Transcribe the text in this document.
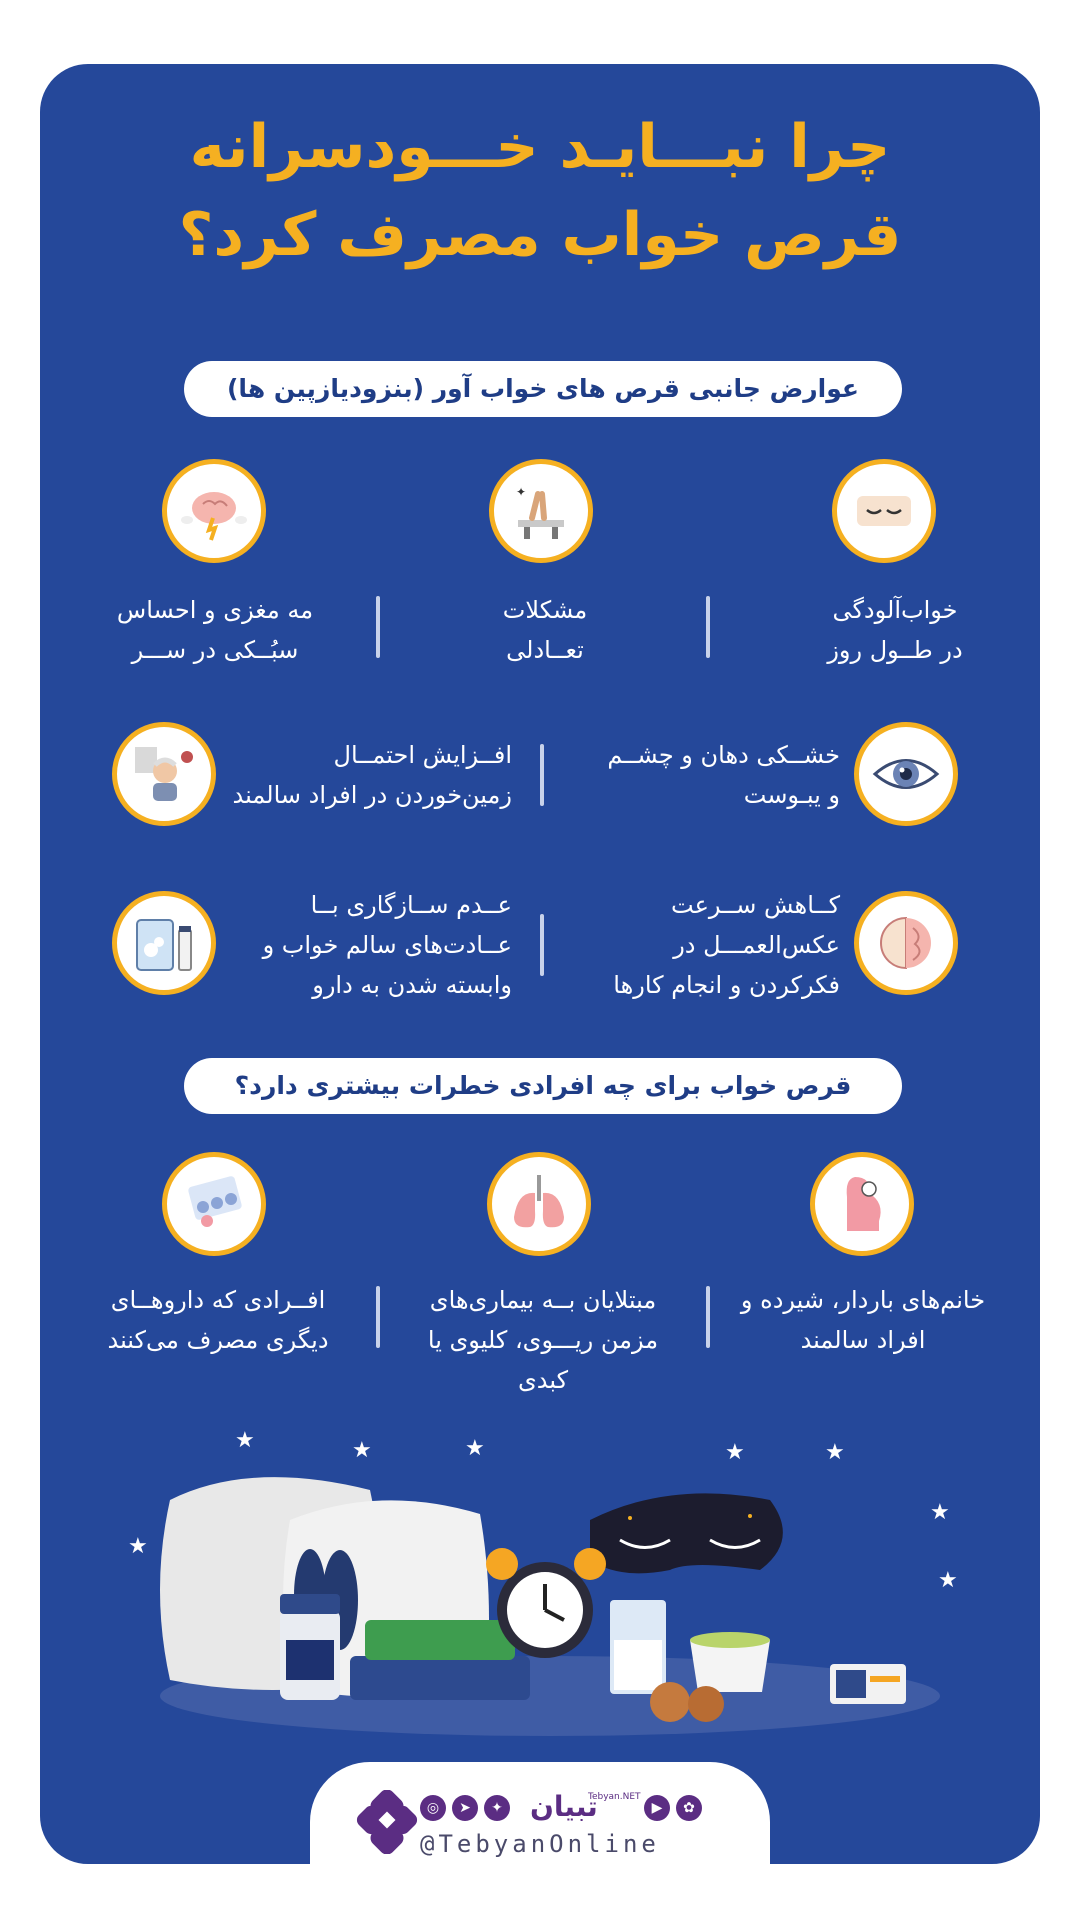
چرا نبـــایـد خـــودسرانه
قرص خواب مصرف کرد؟
عوارض جانبی قرص های خواب آور (بنزودیازپین ها)
✦
خواب‌آلودگی
در طــول روز
مشکلات
تعــادلی
مه مغزی و احساس
سبُــکی در ســـر
خشــکی دهان و چشــم
و یبـوست
افــزایش احتمــال
زمین‌خوردن در افراد سالمند
کــاهش ســرعت
عکس‌العمـــل در
فکرکردن و انجام کارها
عــدم ســازگاری بــا
عــادت‌های سالم خواب و
وابسته شدن به دارو
قرص خواب برای چه افرادی خطرات بیشتری دارد؟
خانم‌های باردار، شیرده و
افراد سالمند
مبتلایان بــه بیماری‌های
مزمن ریـــوی، کلیوی یا
کبدی
افــرادی که داروهــای
دیگری مصرف می‌کنند
★	★	★	★	★
★
★
★
◎	➤	✦ تبیان
Tebyan.NET
▶	✿
@TebyanOnline
